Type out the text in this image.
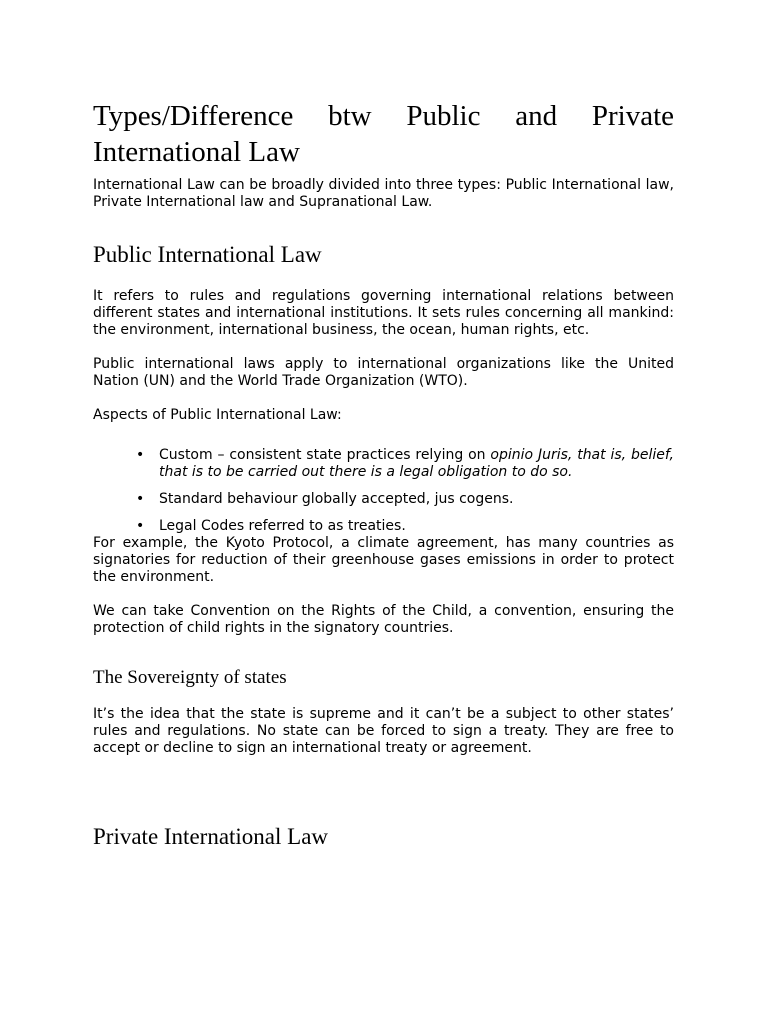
Types/Difference btw Public and Private
International Law

International Law can be broadly divided into three types: Public International law, Private International law and Supranational Law.

Public International Law

It refers to rules and regulations governing international relations between different states and international institutions. It sets rules concerning all mankind: the environment, international business, the ocean, human rights, etc.

Public international laws apply to international organizations like the United Nation (UN) and the World Trade Organization (WTO).

Aspects of Public International Law:

• Custom – consistent state practices relying on opinio Juris, that is, belief, that is to be carried out there is a legal obligation to do so.
• Standard behaviour globally accepted, jus cogens.
• Legal Codes referred to as treaties.

For example, the Kyoto Protocol, a climate agreement, has many countries as signatories for reduction of their greenhouse gases emissions in order to protect the environment.

We can take Convention on the Rights of the Child, a convention, ensuring the protection of child rights in the signatory countries.

The Sovereignty of states

It’s the idea that the state is supreme and it can’t be a subject to other states’ rules and regulations. No state can be forced to sign a treaty. They are free to accept or decline to sign an international treaty or agreement.

Private International Law
